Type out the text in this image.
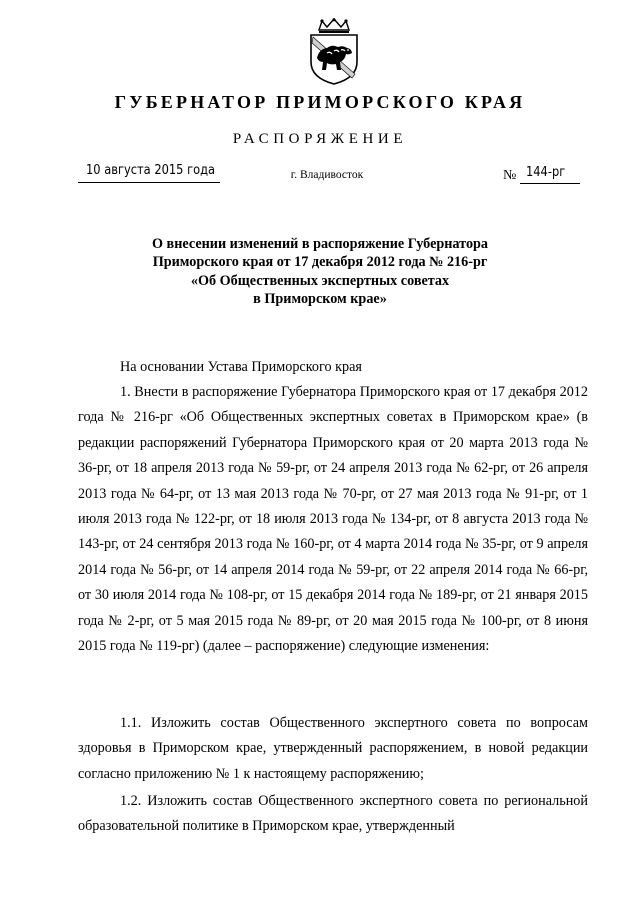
ГУБЕРНАТОР ПРИМОРСКОГО КРАЯ
РАСПОРЯЖЕНИЕ
10 августа 2015 года	г. Владивосток	№ 144-рг
О внесении изменений в распоряжение Губернатора
Приморского края от 17 декабря 2012 года № 216-рг
«Об Общественных экспертных советах
в Приморском крае»
На основании Устава Приморского края
1. Внести в распоряжение Губернатора Приморского края от 17 декабря 2012 года № 216-рг «Об Общественных экспертных советах в Приморском крае» (в редакции распоряжений Губернатора Приморского края от 20 марта 2013 года № 36-рг, от 18 апреля 2013 года № 59-рг, от 24 апреля 2013 года № 62-рг, от 26 апреля 2013 года № 64-рг, от 13 мая 2013 года № 70-рг, от 27 мая 2013 года № 91-рг, от 1 июля 2013 года № 122-рг, от 18 июля 2013 года № 134-рг, от 8 августа 2013 года № 143-рг, от 24 сентября 2013 года № 160-рг, от 4 марта 2014 года № 35-рг, от 9 апреля 2014 года № 56-рг, от 14 апреля 2014 года № 59-рг, от 22 апреля 2014 года № 66-рг, от 30 июля 2014 года № 108-рг, от 15 декабря 2014 года № 189-рг, от 21 января 2015 года № 2-рг, от 5 мая 2015 года № 89-рг, от 20 мая 2015 года № 100-рг, от 8 июня 2015 года № 119-рг) (далее – распоряжение) следующие изменения:
1.1. Изложить состав Общественного экспертного совета по вопросам здоровья в Приморском крае, утвержденный распоряжением, в новой редакции согласно приложению № 1 к настоящему распоряжению;
1.2. Изложить состав Общественного экспертного совета по региональной образовательной политике в Приморском крае, утвержденный
